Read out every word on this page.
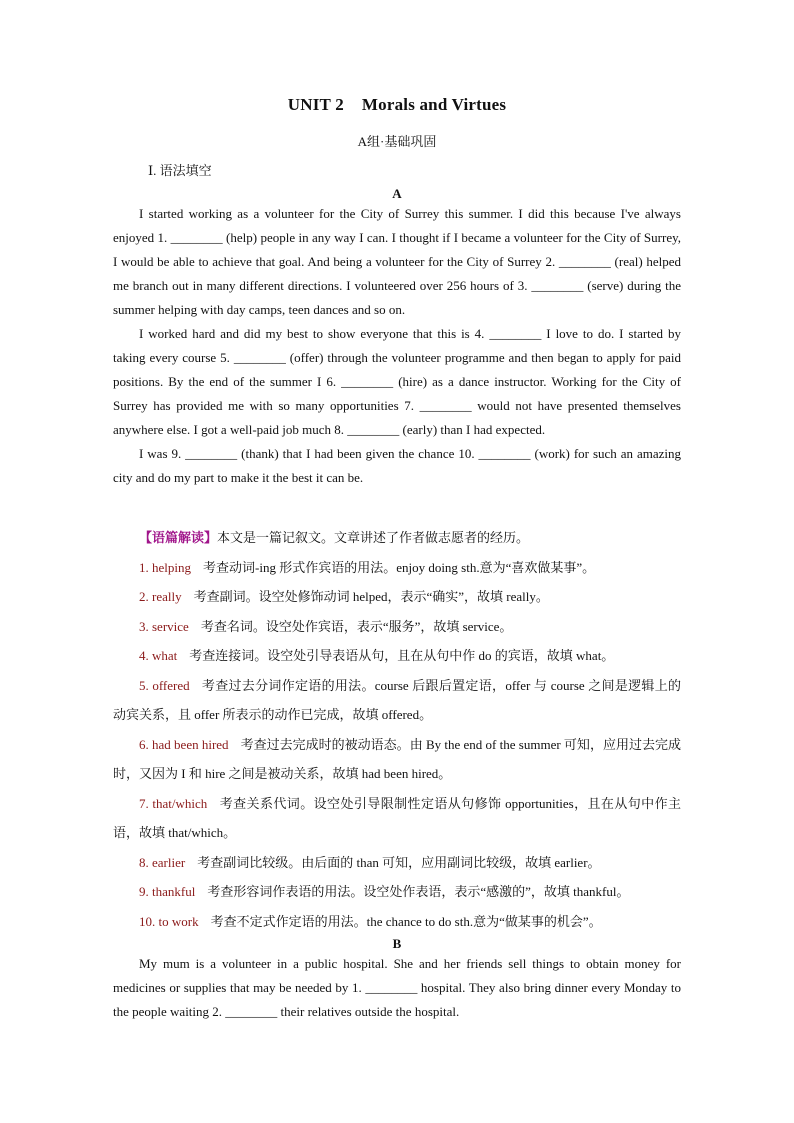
UNIT 2 Morals and Virtues
A组·基础巩固
Ⅰ. 语法填空
A

I started working as a volunteer for the City of Surrey this summer. I did this because I've always enjoyed 1. ________ (help) people in any way I can. I thought if I became a volunteer for the City of Surrey, I would be able to achieve that goal. And being a volunteer for the City of Surrey 2. ________ (real) helped me branch out in many different directions. I volunteered over 256 hours of 3. ________ (serve) during the summer helping with day camps, teen dances and so on.

I worked hard and did my best to show everyone that this is 4. ________ I love to do. I started by taking every course 5. ________ (offer) through the volunteer programme and then began to apply for paid positions. By the end of the summer I 6. ________ (hire) as a dance instructor. Working for the City of Surrey has provided me with so many opportunities 7. ________ would not have presented themselves anywhere else. I got a well-paid job much 8. ________ (early) than I had expected.

I was 9. ________ (thank) that I had been given the chance 10. ________ (work) for such an amazing city and do my part to make it the best it can be.

【语篇解读】本文是一篇记叙文。文章讲述了作者做志愿者的经历。

1. helping 考查动词-ing 形式作宾语的用法。enjoy doing sth.意为“喜欢做某事”。

2. really 考查副词。设空处修饰动词 helped，表示“确实”，故填 really。

3. service 考查名词。设空处作宾语，表示“服务”，故填 service。

4. what 考查连接词。设空处引导表语从句，且在从句中作 do 的宾语，故填 what。

5. offered 考查过去分词作定语的用法。course 后跟后置定语，offer 与 course 之间是逻辑上的动宾关系，且 offer 所表示的动作已完成，故填 offered。

6. had been hired 考查过去完成时的被动语态。由 By the end of the summer 可知，应用过去完成时，又因为 I 和 hire 之间是被动关系，故填 had been hired。

7. that/which 考查关系代词。设空处引导限制性定语从句修饰 opportunities，且在从句中作主语，故填 that/which。

8. earlier 考查副词比较级。由后面的 than 可知，应用副词比较级，故填 earlier。

9. thankful 考查形容词作表语的用法。设空处作表语，表示“感激的”，故填 thankful。

10. to work 考查不定式作定语的用法。the chance to do sth.意为“做某事的机会”。

B

My mum is a volunteer in a public hospital. She and her friends sell things to obtain money for medicines or supplies that may be needed by 1. ________ hospital. They also bring dinner every Monday to the people waiting 2. ________ their relatives outside the hospital.
